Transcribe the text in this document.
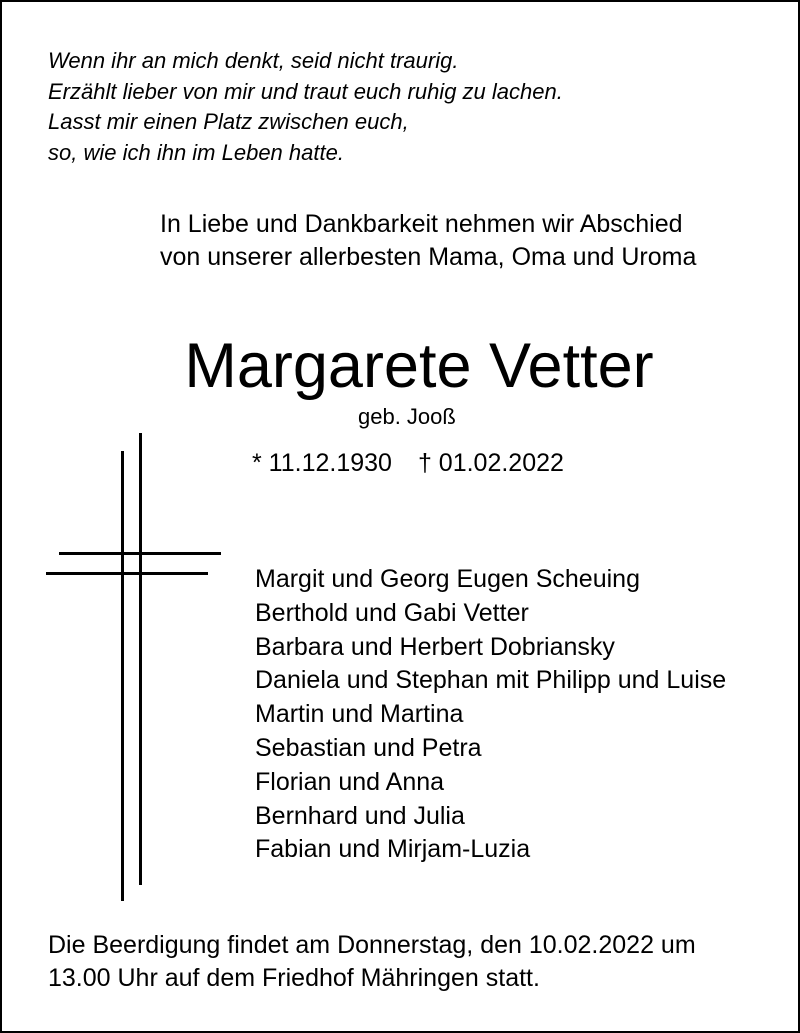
Wenn ihr an mich denkt, seid nicht traurig.
Erzählt lieber von mir und traut euch ruhig zu lachen.
Lasst mir einen Platz zwischen euch,
so, wie ich ihn im Leben hatte.
In Liebe und Dankbarkeit nehmen wir Abschied
von unserer allerbesten Mama, Oma und Uroma
Margarete Vetter
geb. Jooß
* 11.12.1930 † 01.02.2022
Margit und Georg Eugen Scheuing
Berthold und Gabi Vetter
Barbara und Herbert Dobriansky
Daniela und Stephan mit Philipp und Luise
Martin und Martina
Sebastian und Petra
Florian und Anna
Bernhard und Julia
Fabian und Mirjam-Luzia
Die Beerdigung findet am Donnerstag, den 10.02.2022 um
13.00 Uhr auf dem Friedhof Mähringen statt.
